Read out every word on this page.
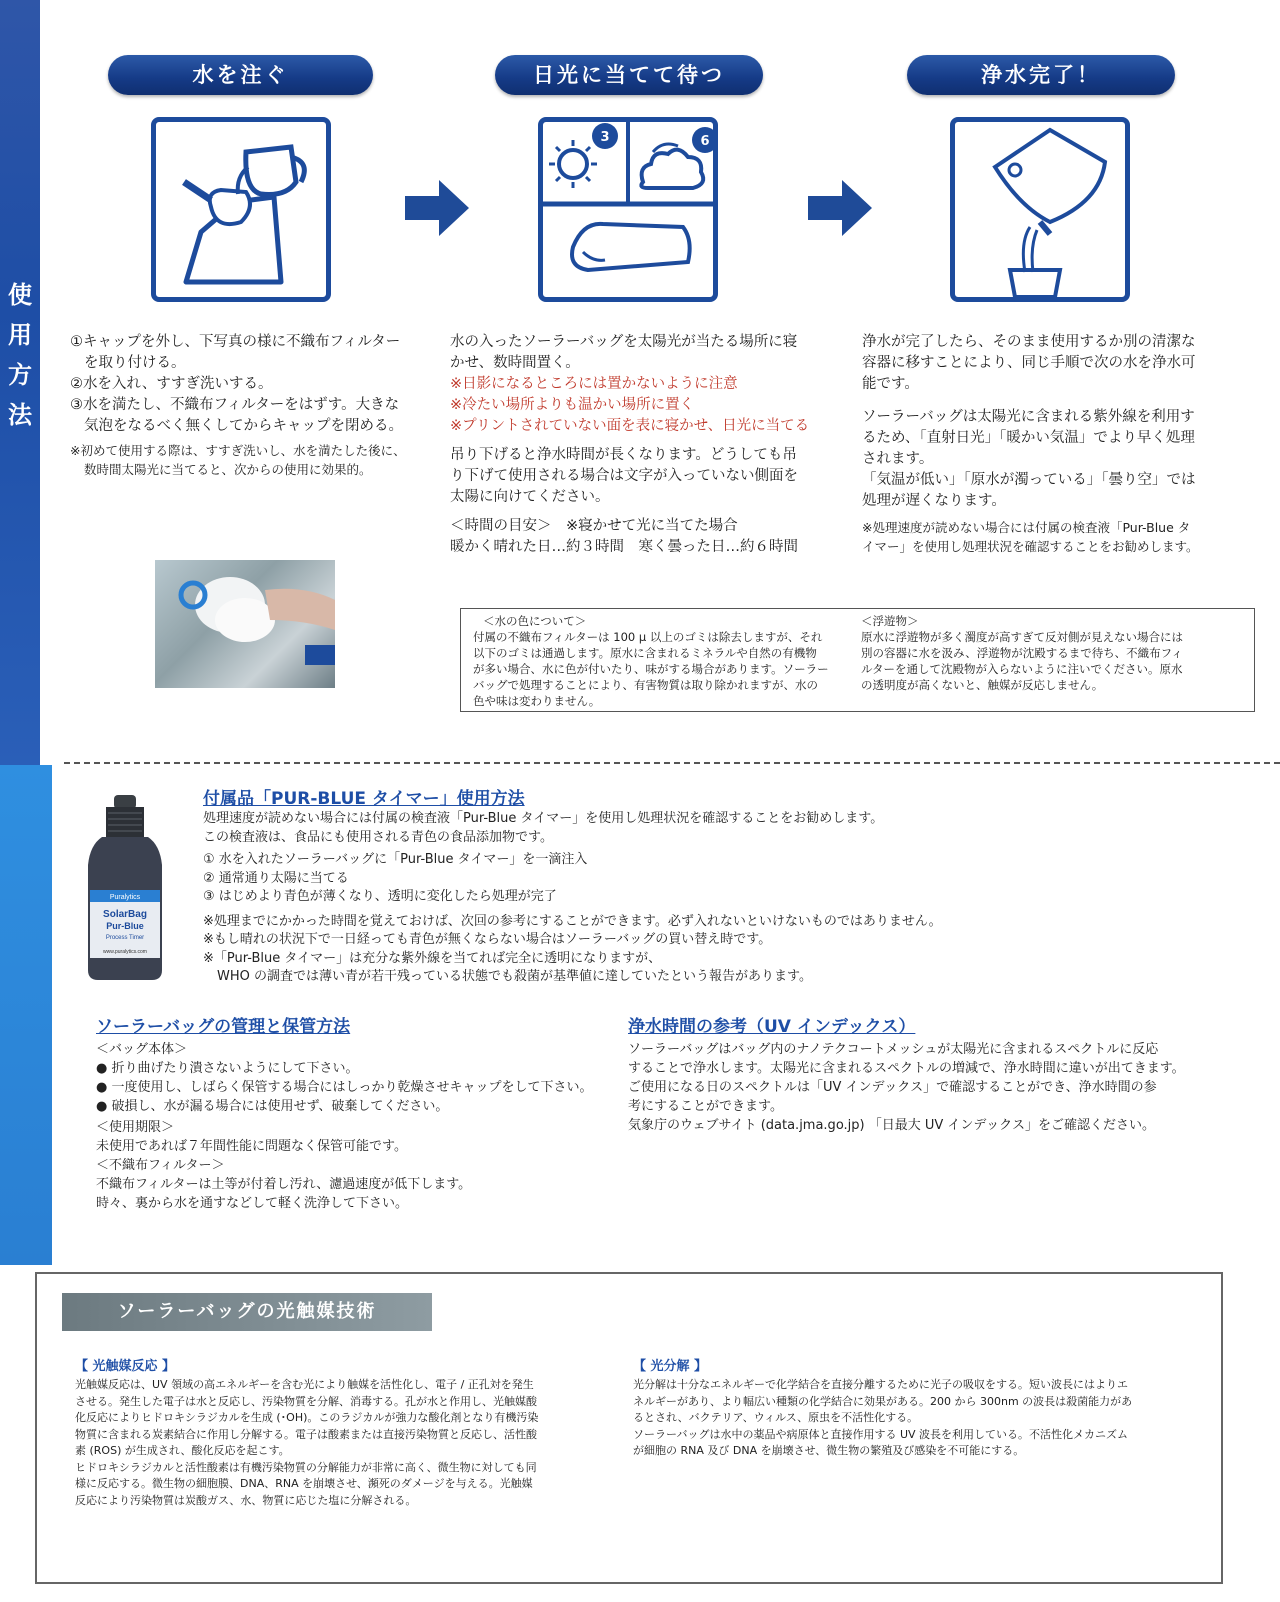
使用方法
水を注ぐ	日光に当てて待つ	浄水完了！
3	6

①キャップを外し、下写真の様に不織布フィルター

を取り付ける。

②水を入れ、すすぎ洗いする。

③水を満たし、不織布フィルターをはずす。大きな

気泡をなるべく無くしてからキャップを閉める。

※初めて使用する際は、すすぎ洗いし、水を満たした後に、

数時間太陽光に当てると、次からの使用に効果的。

水の入ったソーラーバッグを太陽光が当たる場所に寝

かせ、数時間置く。

※日影になるところには置かないように注意

※冷たい場所よりも温かい場所に置く

※プリントされていない面を表に寝かせ、日光に当てる

吊り下げると浄水時間が長くなります。どうしても吊

り下げて使用される場合は文字が入っていない側面を

太陽に向けてください。

＜時間の目安＞　※寝かせて光に当てた場合

暖かく晴れた日…約３時間　寒く曇った日…約６時間

浄水が完了したら、そのまま使用するか別の清潔な

容器に移すことにより、同じ手順で次の水を浄水可

能です。

ソーラーバッグは太陽光に含まれる紫外線を利用す

るため、「直射日光」「暖かい気温」でより早く処理

されます。

「気温が低い」「原水が濁っている」「曇り空」では

処理が遅くなります。

※処理速度が読めない場合には付属の検査液「Pur-Blue タ

イマー」を使用し処理状況を確認することをお勧めします。

＜水の色について＞

付属の不織布フィルターは 100 µ 以上のゴミは除去しますが、それ

以下のゴミは通過します。原水に含まれるミネラルや自然の有機物

が多い場合、水に色が付いたり、味がする場合があります。ソーラー

バッグで処理することにより、有害物質は取り除かれますが、水の

色や味は変わりません。

＜浮遊物＞

原水に浮遊物が多く濁度が高すぎて反対側が見えない場合には

別の容器に水を汲み、浮遊物が沈殿するまで待ち、不織布フィ

ルターを通して沈殿物が入らないように注いでください。原水

の透明度が高くないと、触媒が反応しません。

Puralytics
SolarBag
Pur-Blue
Process Timer
www.puralytics.com
付属品「PUR-BLUE タイマー」使用方法

処理速度が読めない場合には付属の検査液「Pur-Blue タイマー」を使用し処理状況を確認することをお勧めします。

この検査液は、食品にも使用される青色の食品添加物です。

① 水を入れたソーラーバッグに「Pur-Blue タイマー」を一滴注入

② 通常通り太陽に当てる

③ はじめより青色が薄くなり、透明に変化したら処理が完了

※処理までにかかった時間を覚えておけば、次回の参考にすることができます。必ず入れないといけないものではありません。

※もし晴れの状況下で一日経っても青色が無くならない場合はソーラーバッグの買い替え時です。

※「Pur-Blue タイマー」は充分な紫外線を当てれば完全に透明になりますが、

WHO の調査では薄い青が若干残っている状態でも殺菌が基準値に達していたという報告があります。

ソーラーバッグの管理と保管方法

＜バッグ本体＞

● 折り曲げたり潰さないようにして下さい。

● 一度使用し、しばらく保管する場合にはしっかり乾燥させキャップをして下さい。

● 破損し、水が漏る場合には使用せず、破棄してください。

＜使用期限＞

未使用であれば７年間性能に問題なく保管可能です。

＜不織布フィルター＞

不織布フィルターは土等が付着し汚れ、濾過速度が低下します。

時々、裏から水を通すなどして軽く洗浄して下さい。

浄水時間の参考（UV インデックス）

ソーラーバッグはバッグ内のナノテクコートメッシュが太陽光に含まれるスペクトルに反応

することで浄水します。太陽光に含まれるスペクトルの増減で、浄水時間に違いが出てきます。

ご使用になる日のスペクトルは「UV インデックス」で確認することができ、浄水時間の参

考にすることができます。

気象庁のウェブサイト (data.jma.go.jp) 「日最大 UV インデックス」をご確認ください。

ソーラーバッグの光触媒技術
【 光触媒反応 】

光触媒反応は、UV 領域の高エネルギーを含む光により触媒を活性化し、電子 / 正孔対を発生

させる。発生した電子は水と反応し、汚染物質を分解、消毒する。孔が水と作用し、光触媒酸

化反応によりヒドロキシラジカルを生成 (･OH)。このラジカルが強力な酸化剤となり有機汚染

物質に含まれる炭素結合に作用し分解する。電子は酸素または直接汚染物質と反応し、活性酸

素 (ROS) が生成され、酸化反応を起こす。

ヒドロキシラジカルと活性酸素は有機汚染物質の分解能力が非常に高く、微生物に対しても同

様に反応する。微生物の細胞膜、DNA、RNA を崩壊させ、瀕死のダメージを与える。光触媒

反応により汚染物質は炭酸ガス、水、物質に応じた塩に分解される。

【 光分解 】

光分解は十分なエネルギーで化学結合を直接分離するために光子の吸収をする。短い波長にはよりエ

ネルギーがあり、より幅広い種類の化学結合に効果がある。200 から 300nm の波長は殺菌能力があ

るとされ、バクテリア、ウィルス、原虫を不活性化する。

ソーラーバッグは水中の薬品や病原体と直接作用する UV 波長を利用している。不活性化メカニズム

が細胞の RNA 及び DNA を崩壊させ、微生物の繁殖及び感染を不可能にする。
